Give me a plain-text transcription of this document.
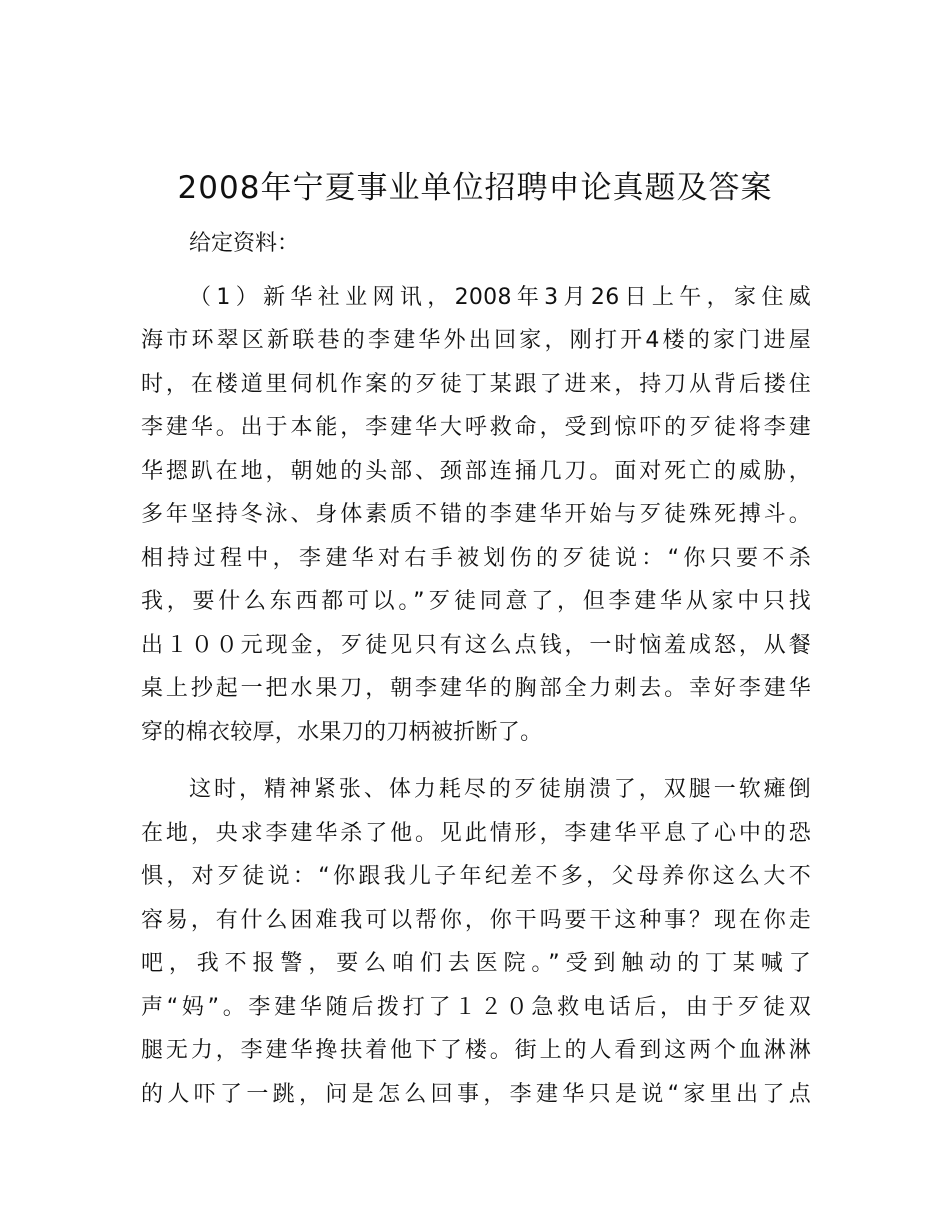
2008年宁夏事业单位招聘申论真题及答案
给定资料：
（1）新华社业网讯，2008年3月26日上午，家住威
海市环翠区新联巷的李建华外出回家，刚打开4楼的家门进屋
时，在楼道里伺机作案的歹徒丁某跟了进来，持刀从背后搂住
李建华。出于本能，李建华大呼救命，受到惊吓的歹徒将李建
华摁趴在地，朝她的头部、颈部连捅几刀。面对死亡的威胁，
多年坚持冬泳、身体素质不错的李建华开始与歹徒殊死搏斗。
相持过程中，李建华对右手被划伤的歹徒说：“你只要不杀
我，要什么东西都可以。”歹徒同意了，但李建华从家中只找
出１００元现金，歹徒见只有这么点钱，一时恼羞成怒，从餐
桌上抄起一把水果刀，朝李建华的胸部全力刺去。幸好李建华
穿的棉衣较厚，水果刀的刀柄被折断了。
这时，精神紧张、体力耗尽的歹徒崩溃了，双腿一软瘫倒
在地，央求李建华杀了他。见此情形，李建华平息了心中的恐
惧，对歹徒说：“你跟我儿子年纪差不多，父母养你这么大不
容易，有什么困难我可以帮你，你干吗要干这种事？现在你走
吧，我不报警，要么咱们去医院。”受到触动的丁某喊了
声“妈”。李建华随后拨打了１２０急救电话后，由于歹徒双
腿无力，李建华搀扶着他下了楼。街上的人看到这两个血淋淋
的人吓了一跳，问是怎么回事，李建华只是说“家里出了点
